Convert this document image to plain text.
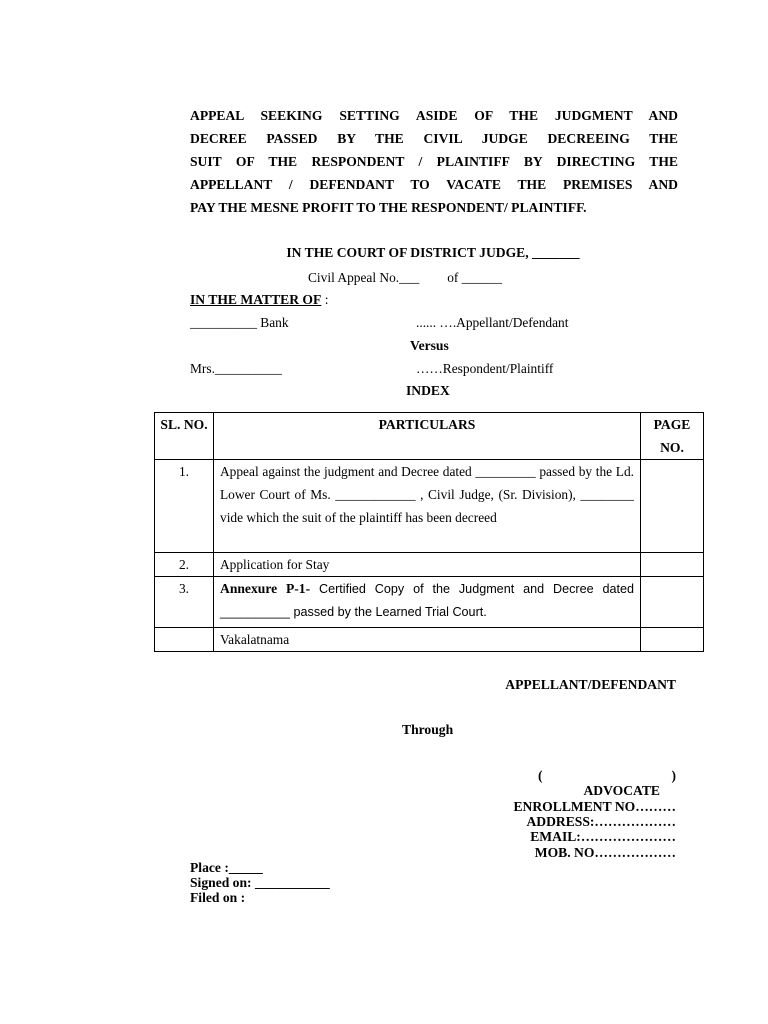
APPEAL SEEKING SETTING ASIDE OF THE JUDGMENT AND
DECREE PASSED BY THE CIVIL JUDGE DECREEING THE
SUIT OF THE RESPONDENT / PLAINTIFF BY DIRECTING THE
APPELLANT / DEFENDANT TO VACATE THE PREMISES AND
PAY THE MESNE PROFIT TO THE RESPONDENT/ PLAINTIFF.
IN THE COURT OF DISTRICT JUDGE, _______
Civil Appeal No.___ of ______
IN THE MATTER OF :
__________ Bank	...... ….Appellant/Defendant
Versus
Mrs.__________	……Respondent/Plaintiff
INDEX
SL. NO.	PARTICULARS	PAGE NO.
1.	Appeal against the judgment and Decree dated _________ passed by the Ld. Lower Court of Ms. ____________ , Civil Judge, (Sr. Division), ________ vide which the suit of the plaintiff has been decreed	
2.	Application for Stay	
3.	Annexure P-1- Certified Copy of the Judgment and Decree dated __________ passed by the Learned Trial Court.	
	Vakalatnama	
APPELLANT/DEFENDANT
Through
(	)
ADVOCATE
ENROLLMENT NO………
ADDRESS:………………
EMAIL:…………………
MOB. NO………………
Place :_____
Signed on: ___________
Filed on :
